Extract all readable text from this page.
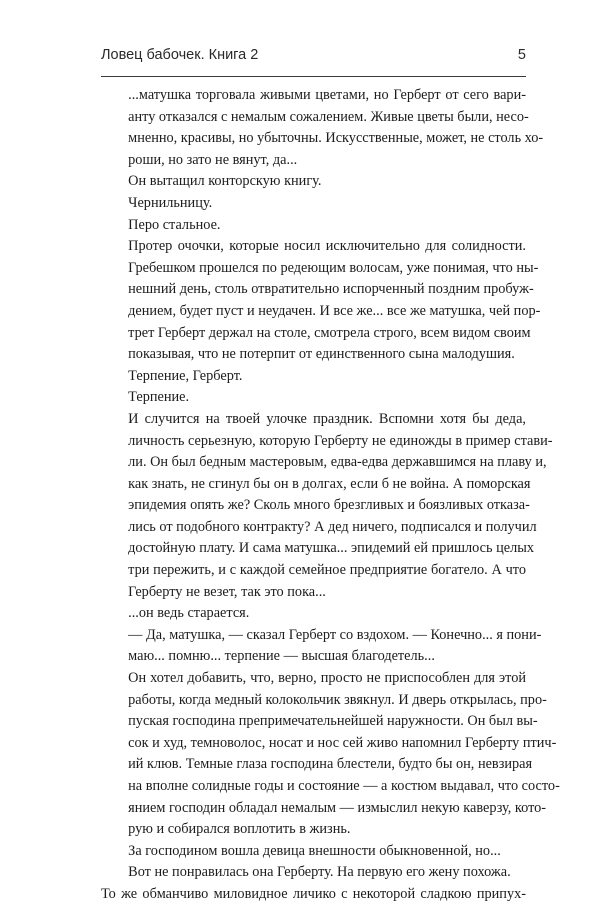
Ловец бабочек. Книга 2	5
...матушка торговала живыми цветами, но Герберт от сего вари-
анту отказался с немалым сожалением. Живые цветы были, несо-
мненно, красивы, но убыточны. Искусственные, может, не столь хо-
роши, но зато не вянут, да...
Он вытащил конторскую книгу.
Чернильницу.
Перо стальное.
Протер очочки, которые носил исключительно для солидности.
Гребешком прошелся по редеющим волосам, уже понимая, что ны-
нешний день, столь отвратительно испорченный поздним пробуж-
дением, будет пуст и неудачен. И все же... все же матушка, чей пор-
трет Герберт держал на столе, смотрела строго, всем видом своим
показывая, что не потерпит от единственного сына малодушия.
Терпение, Герберт.
Терпение.
И случится на твоей улочке праздник. Вспомни хотя бы деда,
личность серьезную, которую Герберту не единожды в пример стави-
ли. Он был бедным мастеровым, едва-едва державшимся на плаву и,
как знать, не сгинул бы он в долгах, если б не война. А поморская
эпидемия опять же? Сколь много брезгливых и боязливых отказа-
лись от подобного контракту? А дед ничего, подписался и получил
достойную плату. И сама матушка... эпидемий ей пришлось целых
три пережить, и с каждой семейное предприятие богатело. А что
Герберту не везет, так это пока...
...он ведь старается.
— Да, матушка, — сказал Герберт со вздохом. — Конечно... я пони-
маю... помню... терпение — высшая благодетель...
Он хотел добавить, что, верно, просто не приспособлен для этой
работы, когда медный колокольчик звякнул. И дверь открылась, про-
пуская господина препримечательнейшей наружности. Он был вы-
сок и худ, темноволос, носат и нос сей живо напомнил Герберту птич-
ий клюв. Темные глаза господина блестели, будто бы он, невзирая
на вполне солидные годы и состояние — а костюм выдавал, что состо-
янием господин обладал немалым — измыслил некую каверзу, кото-
рую и собирался воплотить в жизнь.
За господином вошла девица внешности обыкновенной, но...
Вот не понравилась она Герберту. На первую его жену похожа.
То же обманчиво миловидное личико с некоторой сладкою припух-
